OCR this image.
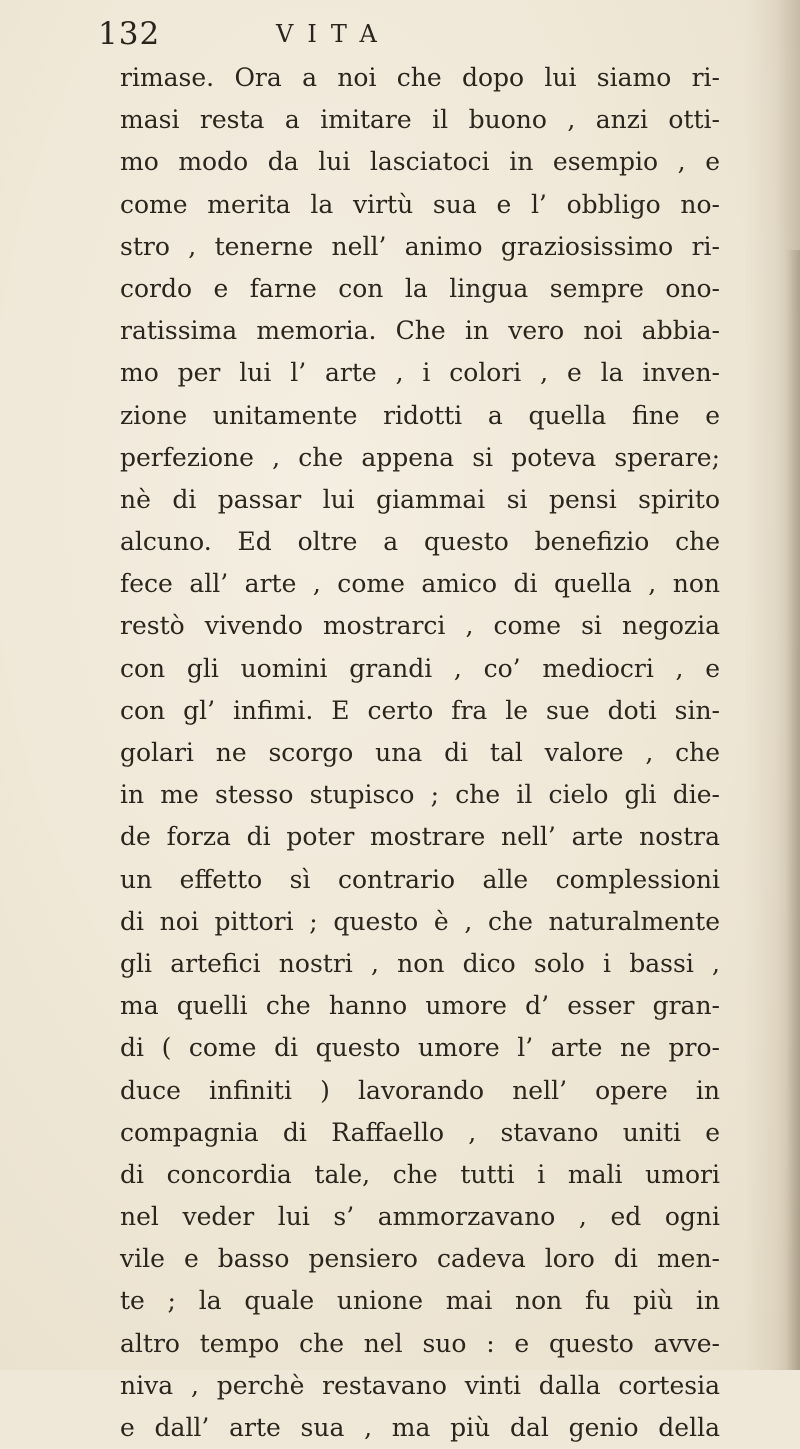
132	VITA
rimase. Ora a noi che dopo lui siamo ri-
masi resta a imitare il buono , anzi otti-
mo modo da lui lasciatoci in esempio , e
come merita la virtù sua e l’ obbligo no-
stro , tenerne nell’ animo graziosissimo ri-
cordo e farne con la lingua sempre ono-
ratissima memoria. Che in vero noi abbia-
mo per lui l’ arte , i colori , e la inven-
zione unitamente ridotti a quella fine e
perfezione , che appena si poteva sperare;
nè di passar lui giammai si pensi spirito
alcuno. Ed oltre a questo benefizio che
fece all’ arte , come amico di quella , non
restò vivendo mostrarci , come si negozia
con gli uomini grandi , co’ mediocri , e
con gl’ infimi. E certo fra le sue doti sin-
golari ne scorgo una di tal valore , che
in me stesso stupisco ; che il cielo gli die-
de forza di poter mostrare nell’ arte nostra
un effetto sì contrario alle complessioni
di noi pittori ; questo è , che naturalmente
gli artefici nostri , non dico solo i bassi ,
ma quelli che hanno umore d’ esser gran-
di ( come di questo umore l’ arte ne pro-
duce infiniti ) lavorando nell’ opere in
compagnia di Raffaello , stavano uniti e
di concordia tale, che tutti i mali umori
nel veder lui s’ ammorzavano , ed ogni
vile e basso pensiero cadeva loro di men-
te ; la quale unione mai non fu più in
altro tempo che nel suo : e questo avve-
niva , perchè restavano vinti dalla cortesia
e dall’ arte sua , ma più dal genio della
